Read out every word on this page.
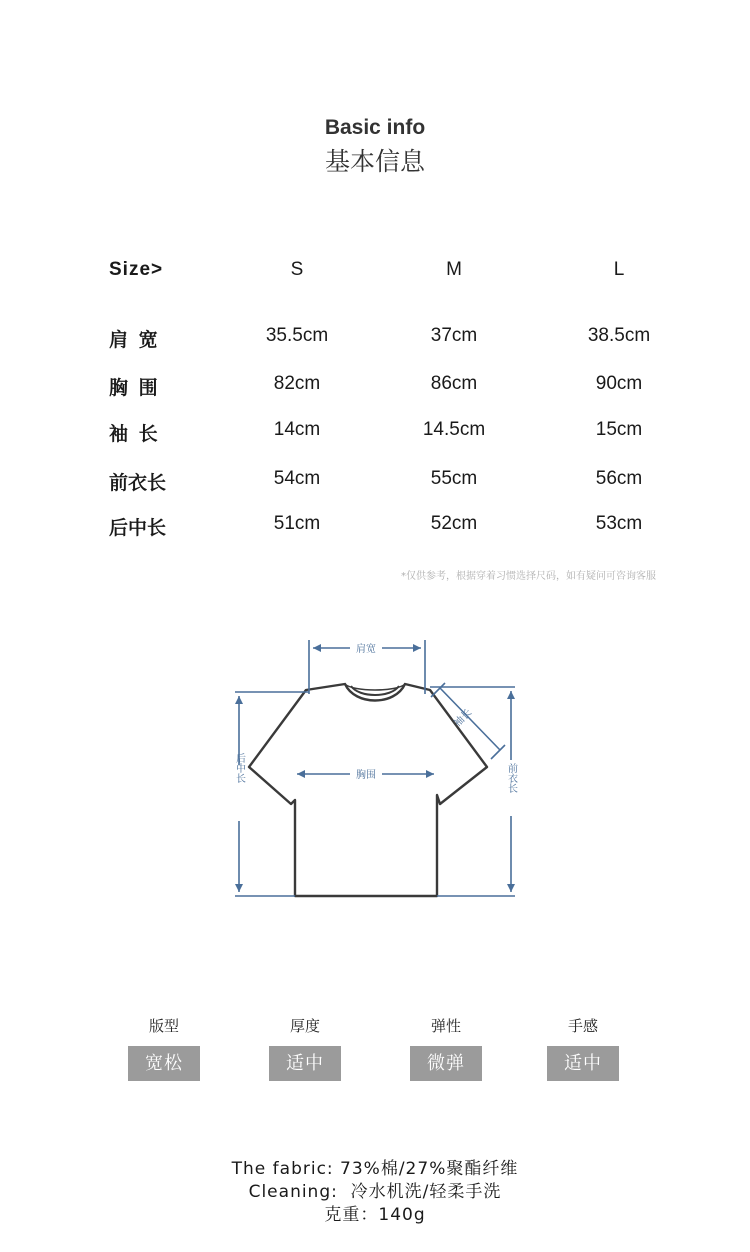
Basic info
基本信息
Size>	S	M	L
肩 宽	35.5cm	37cm	38.5cm
胸 围	82cm	86cm	90cm
袖 长	14cm	14.5cm	15cm
前衣长	54cm	55cm	56cm
后中长	51cm	52cm	53cm
*仅供参考，根据穿着习惯选择尺码，如有疑问可咨询客服
肩宽
胸围
袖长
后中长	前衣长
版型
宽松
厚度
适中
弹性
微弹
手感
适中
The fabric: 73%棉/27%聚酯纤维
Cleaning:  冷水机洗/轻柔手洗
克重：140g
